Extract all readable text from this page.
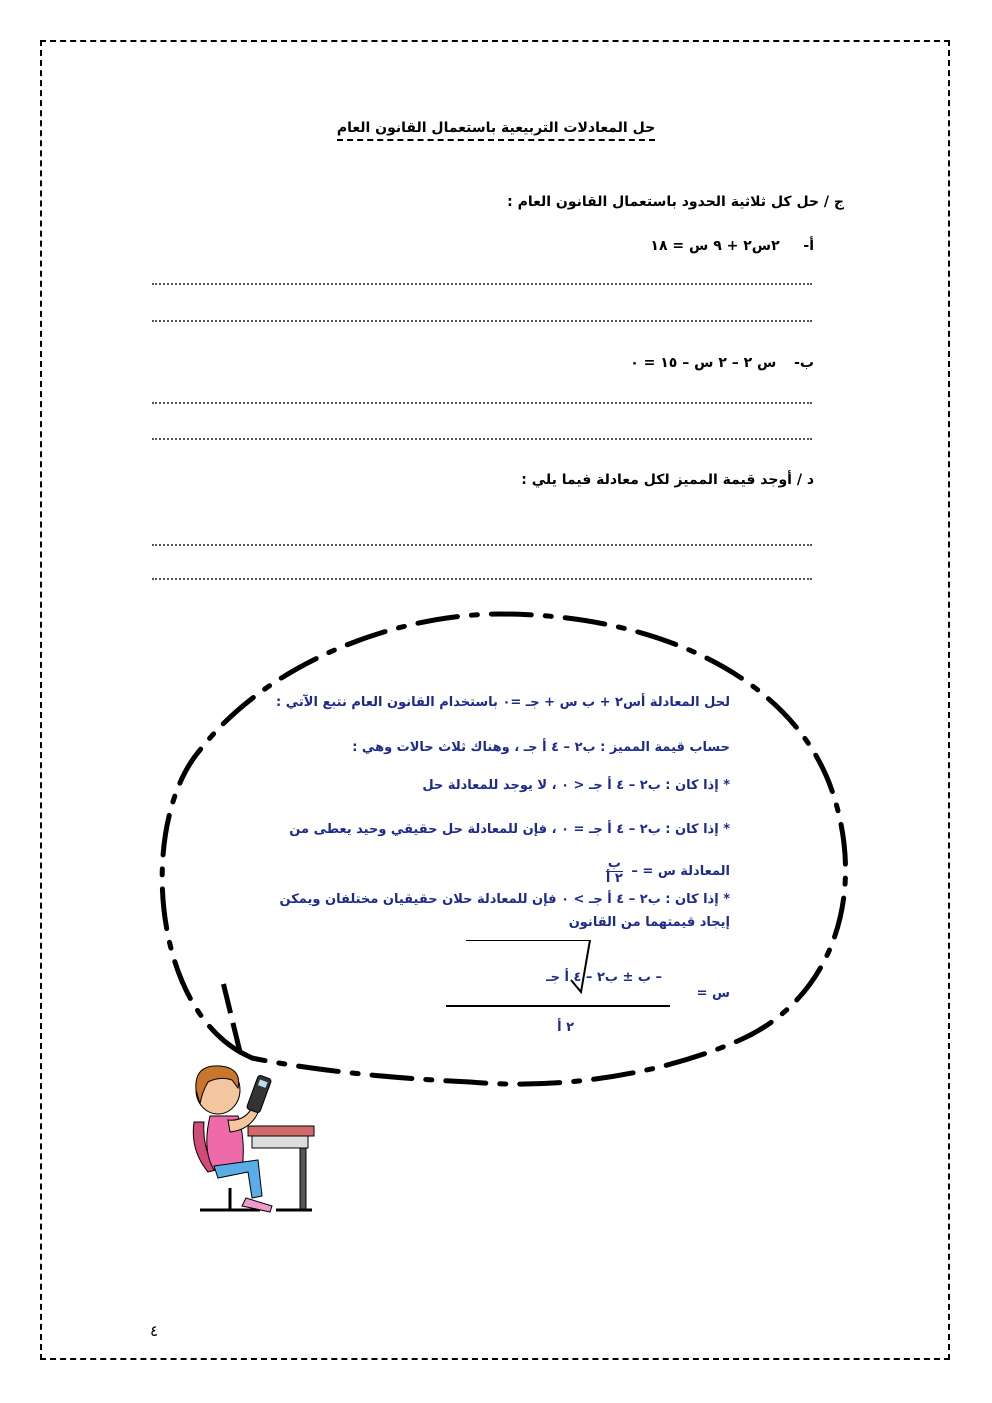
حل المعادلات التربيعية باستعمال القانون العام
ج / حل كل ثلاثية الحدود باستعمال القانون العام :
أ-  ٢س٢ + ٩ س = ١٨
ب-  س ٢ – ٢ س – ١٥ = ٠
د / أوجد قيمة المميز لكل معادلة فيما يلي :
لحل المعادلة أس٢ + ب س + جـ =٠ باستخدام القانون العام نتبع الآتي :
حساب قيمة المميز : ب٢ – ٤ أ جـ ، وهناك ثلاث حالات وهي :
* إذا كان : ب٢ – ٤ أ جـ < ٠ ، لا يوجد للمعادلة حل
* إذا كان : ب٢ – ٤ أ جـ = ٠ ، فإن للمعادلة حل حقيقي وحيد يعطى من
المعادلة س = –
ب
٢ أ
* إذا كان : ب٢ – ٤ أ جـ > ٠ فإن للمعادلة حلان حقيقيان مختلفان ويمكن
إيجاد قيمتهما من القانون
س =
– ب ± ب٢ – ٤ أ جـ
٢ أ
٤
